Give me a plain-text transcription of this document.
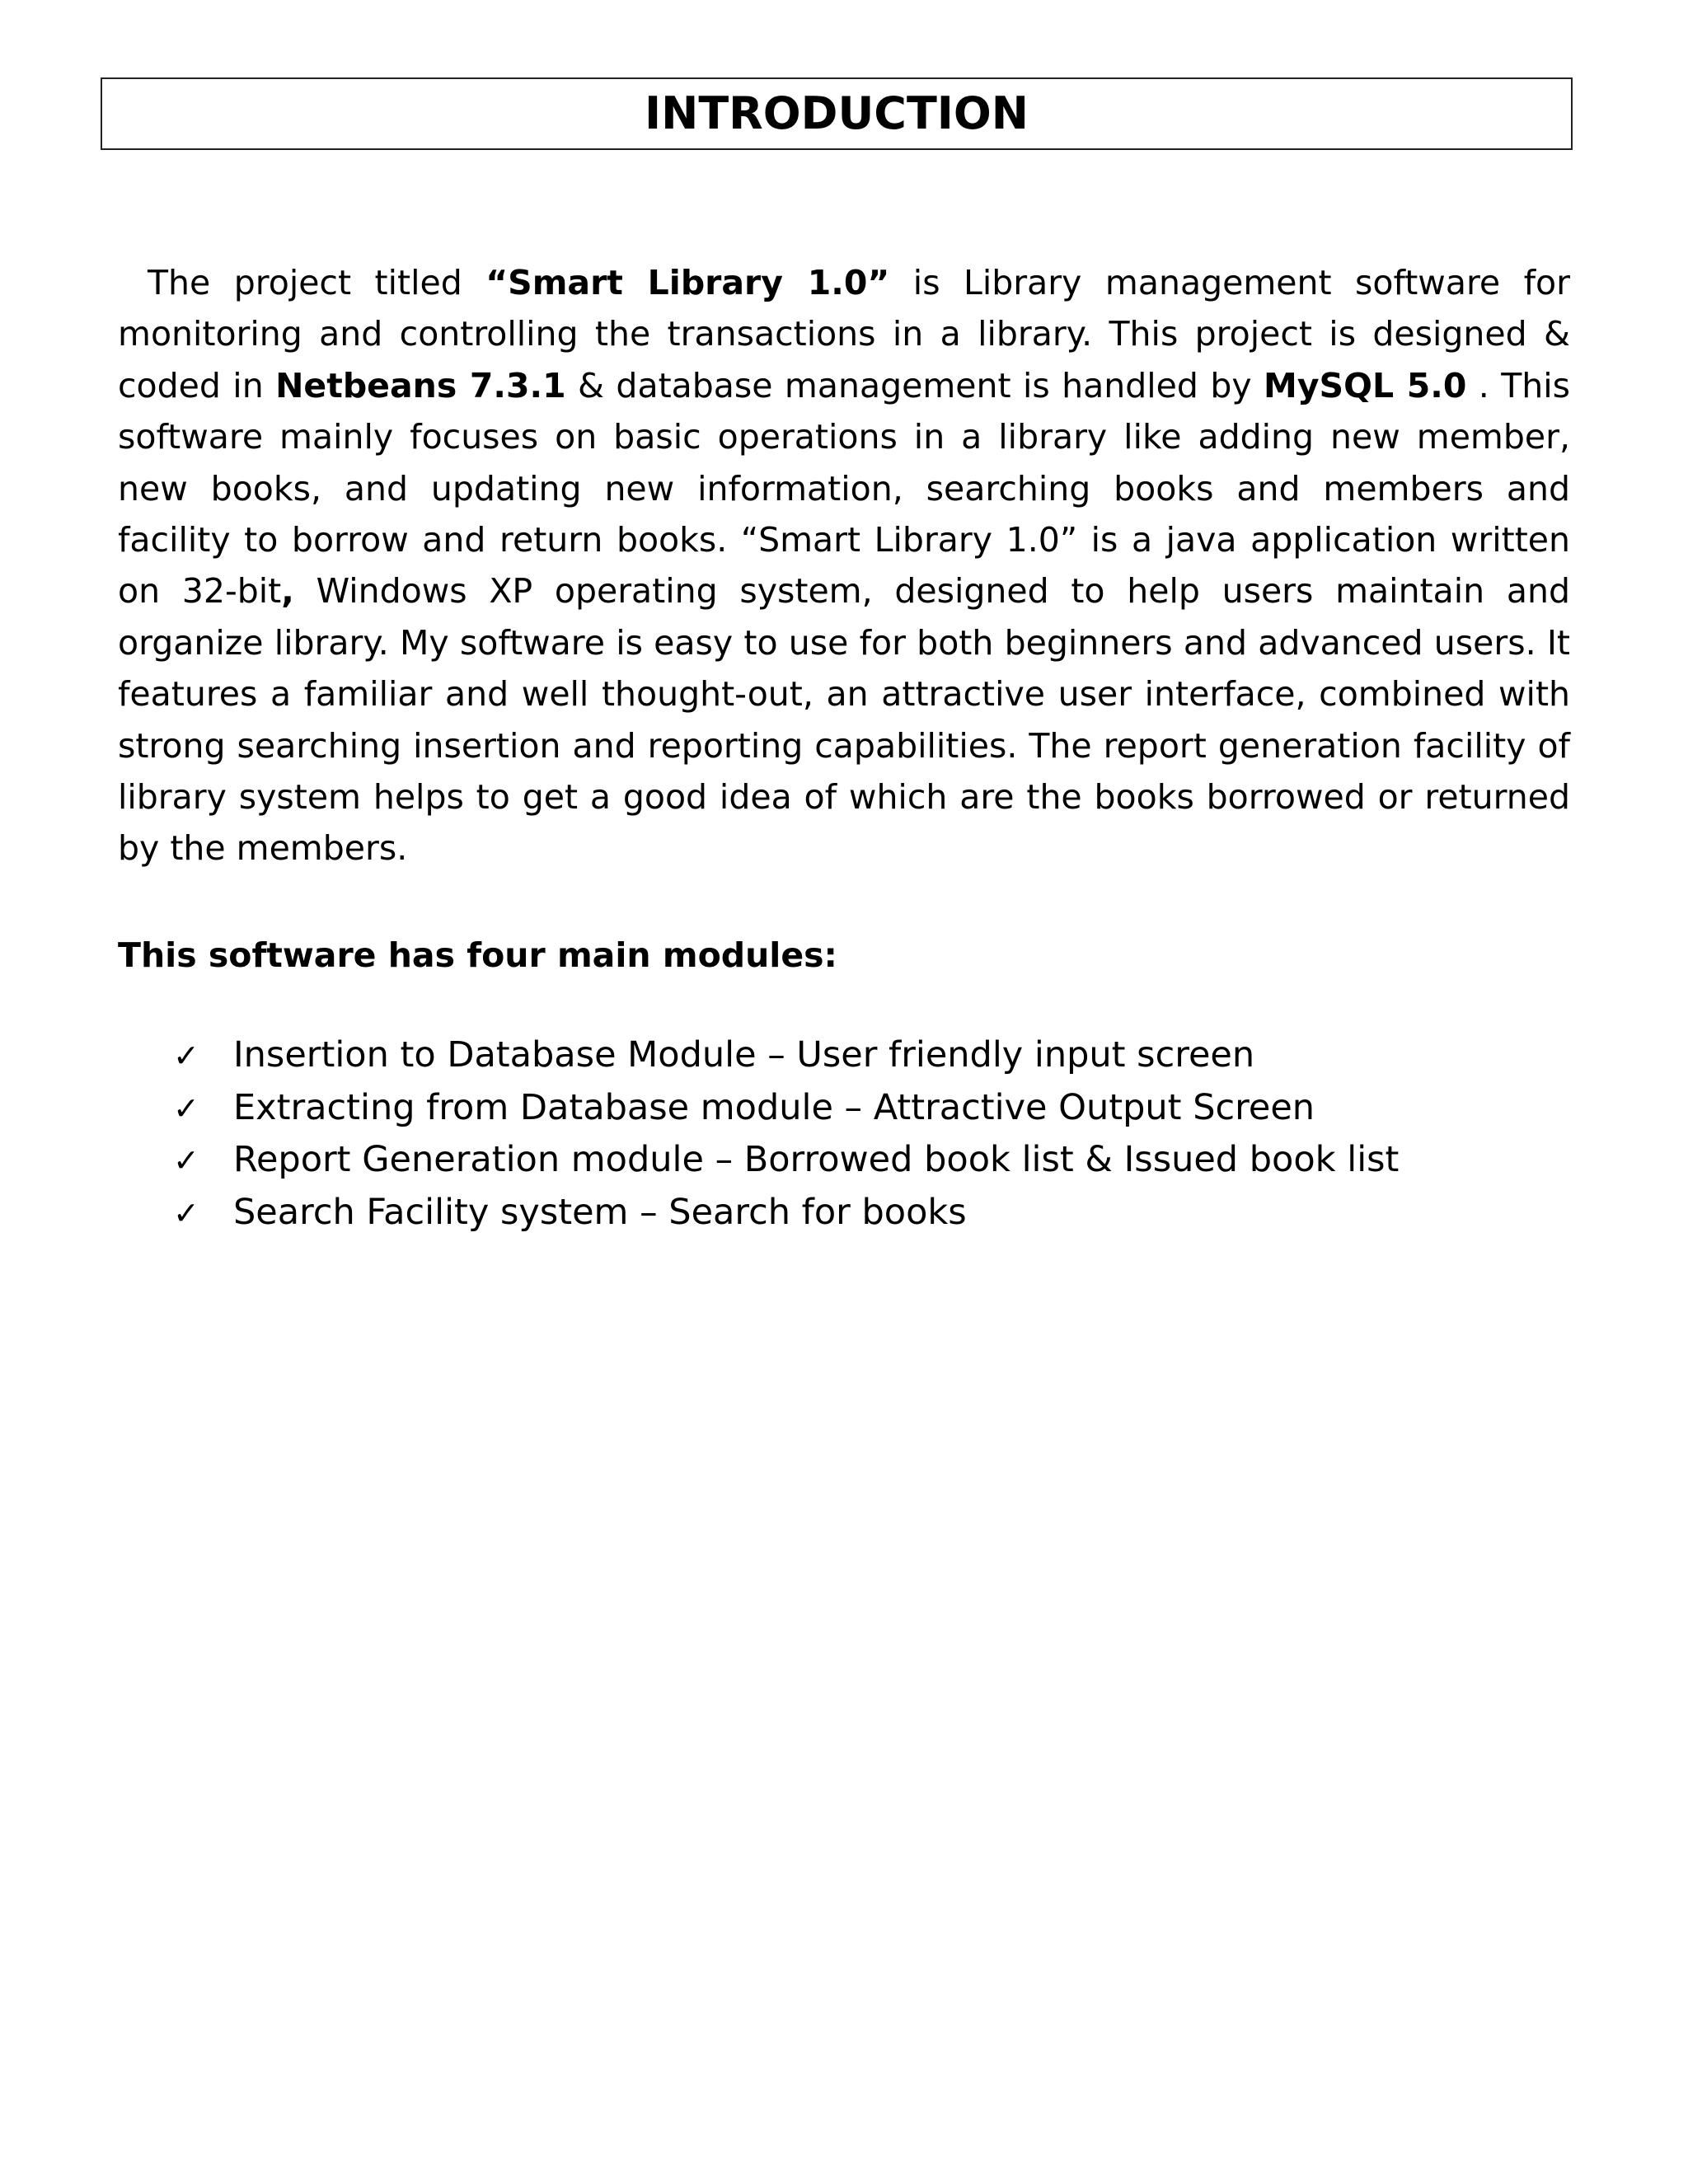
INTRODUCTION

The project titled “Smart Library 1.0” is Library management software for monitoring and controlling the transactions in a library. This project is designed & coded in Netbeans 7.3.1 & database management is handled by MySQL 5.0 . This software mainly focuses on basic operations in a library like adding new member, new books, and updating new information, searching books and members and facility to borrow and return books. “Smart Library 1.0” is a java application written on 32-bit, Windows XP operating system, designed to help users maintain and organize library. My software is easy to use for both beginners and advanced users. It features a familiar and well thought-out, an attractive user interface, combined with strong searching insertion and reporting capabilities. The report generation facility of library system helps to get a good idea of which are the books borrowed or returned by the members.

This software has four main modules:

✓ Insertion to Database Module – User friendly input screen
✓ Extracting from Database module – Attractive Output Screen
✓ Report Generation module – Borrowed book list & Issued book list
✓ Search Facility system – Search for books
